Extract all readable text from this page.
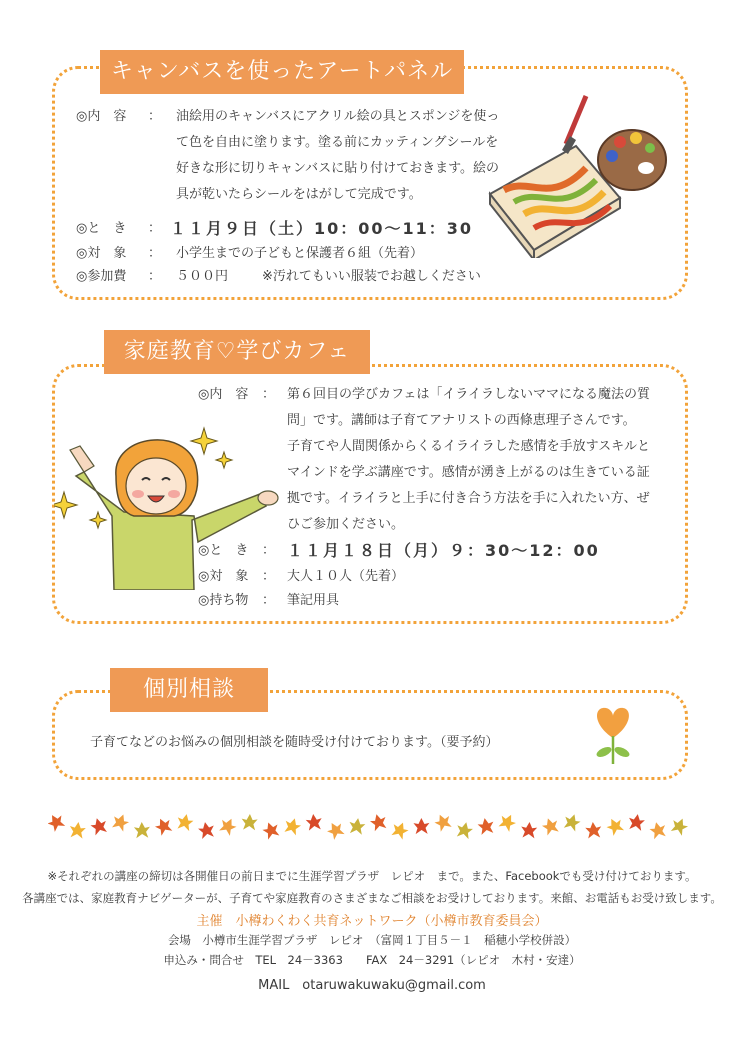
キャンバスを使ったアートパネル
◎内　容 ： 油絵用のキャンバスにアクリル絵の具とスポンジを使っ
て色を自由に塗ります。塗る前にカッティングシールを
好きな形に切りキャンバスに貼り付けておきます。絵の
具が乾いたらシールをはがして完成です。
◎と　き ： １１月９日（土）10：00～11：30
◎対　象 ： 小学生までの子どもと保護者６組（先着）
◎参加費 ： ５００円	※汚れてもいい服装でお越しください
家庭教育♡学びカフェ
◎内　容 ： 第６回目の学びカフェは「イライラしないママになる魔法の質
問」です。講師は子育てアナリストの西條恵理子さんです。
子育てや人間関係からくるイライラした感情を手放すスキルと
マインドを学ぶ講座です。感情が湧き上がるのは生きている証
拠です。イライラと上手に付き合う方法を手に入れたい方、ぜ
ひご参加ください。
◎と　き ： １１月１８日（月）９：30～12：00
◎対　象 ： 大人１０人（先着）
◎持ち物 ： 筆記用具
個別相談
子育てなどのお悩みの個別相談を随時受け付けております。（要予約）
※それぞれの講座の締切は各開催日の前日までに生涯学習プラザ　レピオ　まで。また、Facebookでも受け付けております。
各講座では、家庭教育ナビゲーターが、子育てや家庭教育のさまざまなご相談をお受けしております。来館、お電話もお受け致します。
主催　小樽わくわく共育ネットワーク（小樽市教育委員会）
会場　小樽市生涯学習プラザ　レピオ　（富岡１丁目５－１　稲穂小学校併設）
申込み・問合せ　TEL　24－3363　　FAX　24－3291（レピオ　木村・安達）
MAIL　otaruwakuwaku@gmail.com
